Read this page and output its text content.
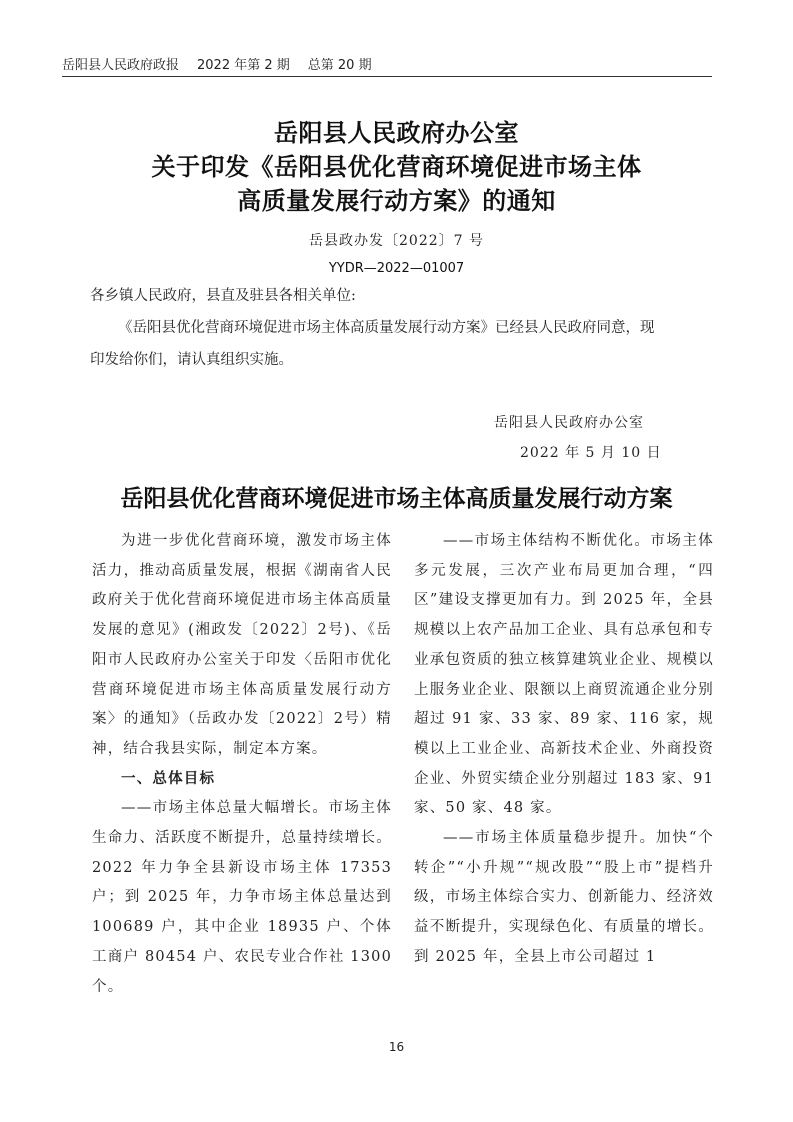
岳阳县人民政府政报 2022 年第 2 期 总第 20 期
岳阳县人民政府办公室
关于印发《岳阳县优化营商环境促进市场主体
高质量发展行动方案》的通知
岳县政办发〔2022〕7 号
YYDR—2022—01007
各乡镇人民政府，县直及驻县各相关单位:
《岳阳县优化营商环境促进市场主体高质量发展行动方案》已经县人民政府同意，现
印发给你们，请认真组织实施。
岳阳县人民政府办公室
2022 年 5 月 10 日
岳阳县优化营商环境促进市场主体高质量发展行动方案

为进一步优化营商环境，激发市场主体活力，推动高质量发展，根据《湖南省人民政府关于优化营商环境促进市场主体高质量发展的意见》(湘政发〔2022〕2号)、《岳阳市人民政府办公室关于印发〈岳阳市优化营商环境促进市场主体高质量发展行动方案〉的通知》（岳政办发〔2022〕2号）精神，结合我县实际，制定本方案。

一、总体目标

——市场主体总量大幅增长。市场主体生命力、活跃度不断提升，总量持续增长。2022 年力争全县新设市场主体 17353 户；到 2025 年，力争市场主体总量达到 100689 户，其中企业 18935 户、个体工商户 80454 户、农民专业合作社 1300 个。

——市场主体结构不断优化。市场主体多元发展，三次产业布局更加合理，“四区”建设支撑更加有力。到 2025 年，全县规模以上农产品加工企业、具有总承包和专业承包资质的独立核算建筑业企业、规模以上服务业企业、限额以上商贸流通企业分别超过 91 家、33 家、89 家、116 家，规模以上工业企业、高新技术企业、外商投资企业、外贸实绩企业分别超过 183 家、91 家、50 家、48 家。

——市场主体质量稳步提升。加快“个转企”“小升规”“规改股”“股上市”提档升级，市场主体综合实力、创新能力、经济效益不断提升，实现绿色化、有质量的增长。到 2025 年，全县上市公司超过 1

16
